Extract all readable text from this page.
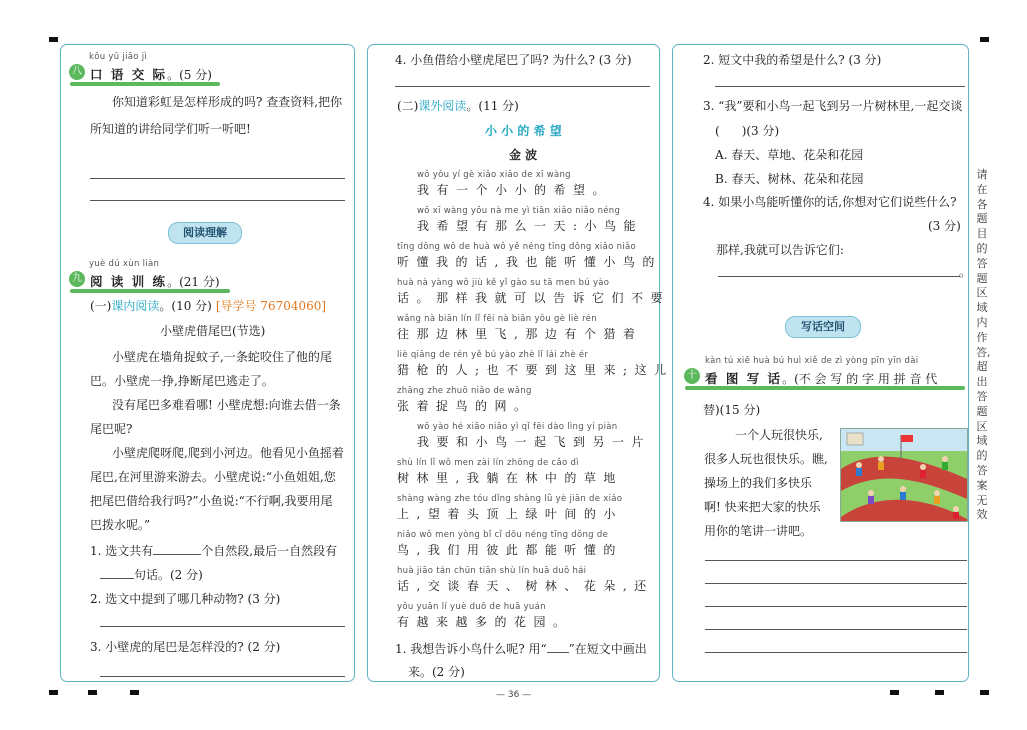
kǒu yǔ jiāo jì
八 口 语 交 际。(5 分)
你知道彩虹是怎样形成的吗? 查查资料,把你
所知道的讲给同学们听一听吧!
阅读理解
yuè dú xùn liàn
九 阅 读 训 练。(21 分)
(一)课内阅读。(10 分) [导学号 76704060]
小壁虎借尾巴(节选)
小壁虎在墙角捉蚊子,一条蛇咬住了他的尾
巴。小壁虎一挣,挣断尾巴逃走了。
没有尾巴多难看哪! 小壁虎想:向谁去借一条
尾巴呢?
小壁虎爬呀爬,爬到小河边。他看见小鱼摇着
尾巴,在河里游来游去。小壁虎说:“小鱼姐姐,您
把尾巴借给我行吗?”小鱼说:“不行啊,我要用尾
巴拨水呢。”
1. 选文共有	个自然段,最后一自然段有
句话。(2 分)
2. 选文中提到了哪几种动物? (3 分)
3. 小壁虎的尾巴是怎样没的? (2 分)
4. 小鱼借给小壁虎尾巴了吗? 为什么? (3 分)
(二)课外阅读。(11 分)
小 小 的 希 望
金 波
wǒ yǒu yí gè xiǎo xiǎo de xī wàng
我有一个小小的希望。
wǒ xī wàng yǒu nà me yì tiān xiǎo niǎo néng
我希望有那么一天:小鸟能
tīng dǒng wǒ de huà wǒ yě néng tīng dǒng xiǎo niǎo
听懂我的话,我也能听懂小鸟的
huà nà yàng wǒ jiù kě yǐ gào su tā men bú yào
话。那样我就可以告诉它们不要
wǎng nà biān lín lǐ fēi nà biān yǒu gè liè rén
往那边林里飞,那边有个猎着
liè qiāng de rén yě bú yào zhè lǐ lái zhè ér
猎枪的人;也不要到这里来;这儿
zhāng zhe zhuō niǎo de wǎng
张着捉鸟的网。
wǒ yào hé xiǎo niǎo yì qǐ fēi dào lìng yí piàn
我要和小鸟一起飞到另一片
shù lín lǐ wǒ men zài lín zhōng de cǎo dì
树林里,我躺在林中的草地
shàng wàng zhe tóu dǐng shàng lǜ yè jiān de xiǎo
上,望着头顶上绿叶间的小
niǎo wǒ men yòng bǐ cǐ dōu néng tīng dǒng de
鸟,我们用彼此都能听懂的
huà jiāo tán chūn tiān shù lín huā duǒ hái
话,交谈春天、树林、花朵,还
yǒu yuǎn lí yuè duō de huā yuán
有越来越多的花园。
1. 我想告诉小鸟什么呢? 用“ ”在短文中画出
来。(2 分)
— 36 —
2. 短文中我的希望是什么? (3 分)
3. “我”要和小鸟一起飞到另一片树林里,一起交谈
( )(3 分)
A. 春天、草地、花朵和花园
B. 春天、树林、花朵和花园
4. 如果小鸟能听懂你的话,你想对它们说些什么?
(3 分)
那样,我就可以告诉它们:
。
写话空间
kàn tú xiě huà bú huì xiě de zì yòng pīn yīn dài
十 看 图 写 话。(不 会 写 的 字 用 拼 音 代
替)(15 分)
一个人玩很快乐,
很多人玩也很快乐。瞧,
操场上的我们多快乐
啊! 快来把大家的快乐
用你的笔讲一讲吧。
请在各题目的答题区域内作答,超出答题区域的答案无效
